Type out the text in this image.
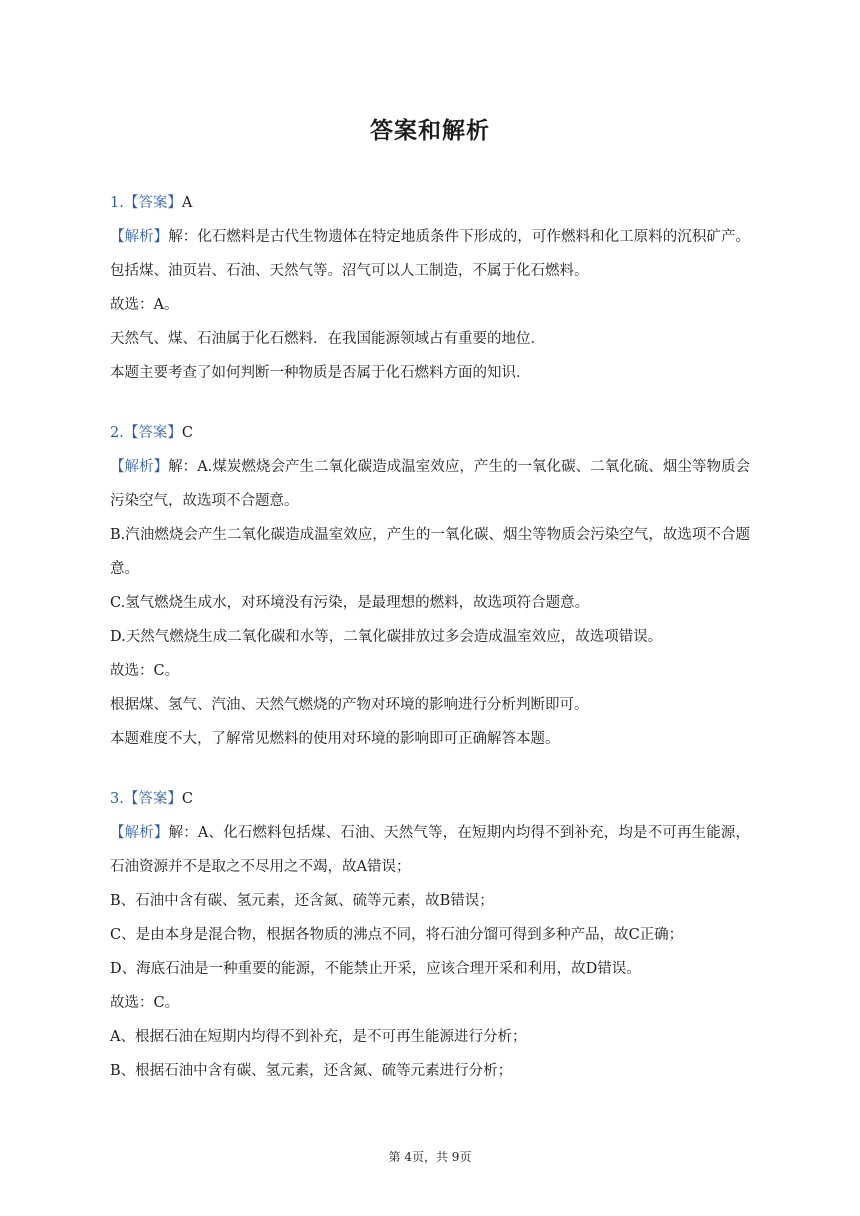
答案和解析

1.【答案】A

【解析】解：化石燃料是古代生物遗体在特定地质条件下形成的，可作燃料和化工原料的沉积矿产。包括煤、油页岩、石油、天然气等。沼气可以人工制造，不属于化石燃料。

故选：A。

天然气、煤、石油属于化石燃料．在我国能源领域占有重要的地位．

本题主要考查了如何判断一种物质是否属于化石燃料方面的知识．

2.【答案】C

【解析】解：A.煤炭燃烧会产生二氧化碳造成温室效应，产生的一氧化碳、二氧化硫、烟尘等物质会污染空气，故选项不合题意。

B.汽油燃烧会产生二氧化碳造成温室效应，产生的一氧化碳、烟尘等物质会污染空气，故选项不合题意。

C.氢气燃烧生成水，对环境没有污染，是最理想的燃料，故选项符合题意。

D.天然气燃烧生成二氧化碳和水等，二氧化碳排放过多会造成温室效应，故选项错误。

故选：C。

根据煤、氢气、汽油、天然气燃烧的产物对环境的影响进行分析判断即可。

本题难度不大，了解常见燃料的使用对环境的影响即可正确解答本题。

3.【答案】C

【解析】解：A、化石燃料包括煤、石油、天然气等，在短期内均得不到补充，均是不可再生能源，石油资源并不是取之不尽用之不竭，故A错误；

B、石油中含有碳、氢元素，还含氮、硫等元素，故B错误；

C、是由本身是混合物，根据各物质的沸点不同，将石油分馏可得到多种产品，故C正确；

D、海底石油是一种重要的能源，不能禁止开采，应该合理开采和利用，故D错误。

故选：C。

A、根据石油在短期内均得不到补充，是不可再生能源进行分析；

B、根据石油中含有碳、氢元素，还含氮、硫等元素进行分析；

第 4页，共 9页
